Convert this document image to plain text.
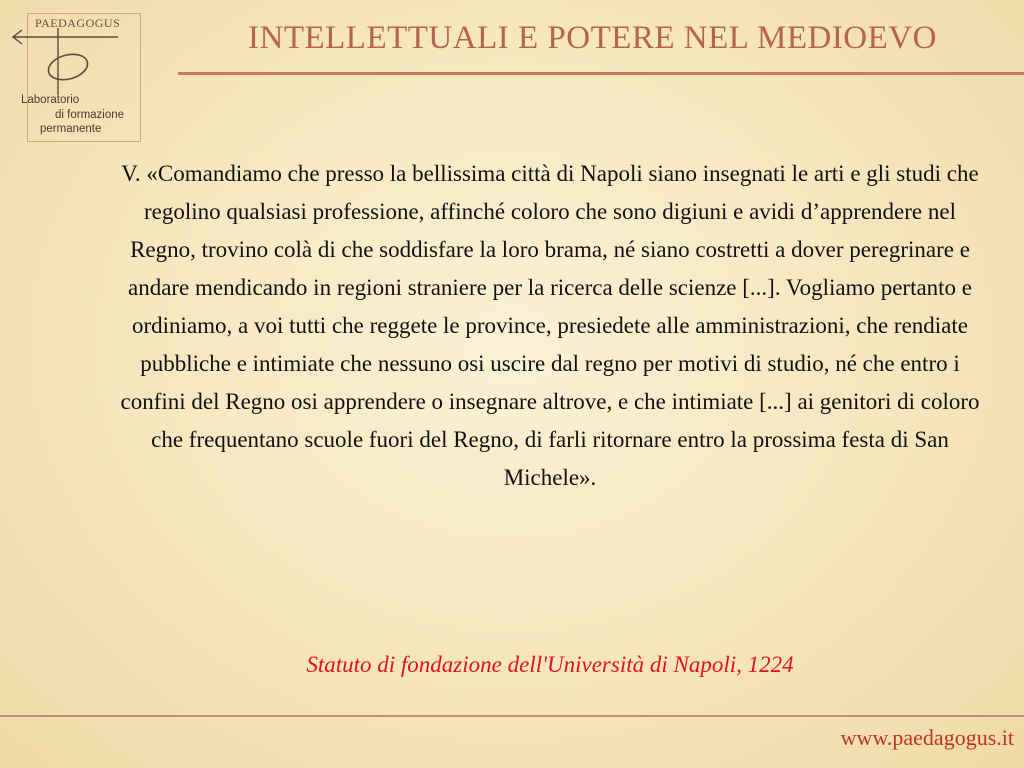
PAEDAGOGUS
Laboratorio
di formazione
permanente
INTELLETTUALI E POTERE NEL MEDIOEVO
V. «Comandiamo che presso la bellissima città di Napoli siano insegnati le arti e gli studi che regolino qualsiasi professione, affinché coloro che sono digiuni e avidi d’apprendere nel Regno, trovino colà di che soddisfare la loro brama, né siano costretti a dover peregrinare e andare mendicando in regioni straniere per la ricerca delle scienze [...]. Vogliamo pertanto e ordiniamo, a voi tutti che reggete le province, presiedete alle amministrazioni, che rendiate pubbliche e intimiate che nessuno osi uscire dal regno per motivi di studio, né che entro i confini del Regno osi apprendere o insegnare altrove, e che intimiate [...] ai genitori di coloro che frequentano scuole fuori del Regno, di farli ritornare entro la prossima festa di San Michele».
Statuto di fondazione dell'Università di Napoli, 1224
www.paedagogus.it
